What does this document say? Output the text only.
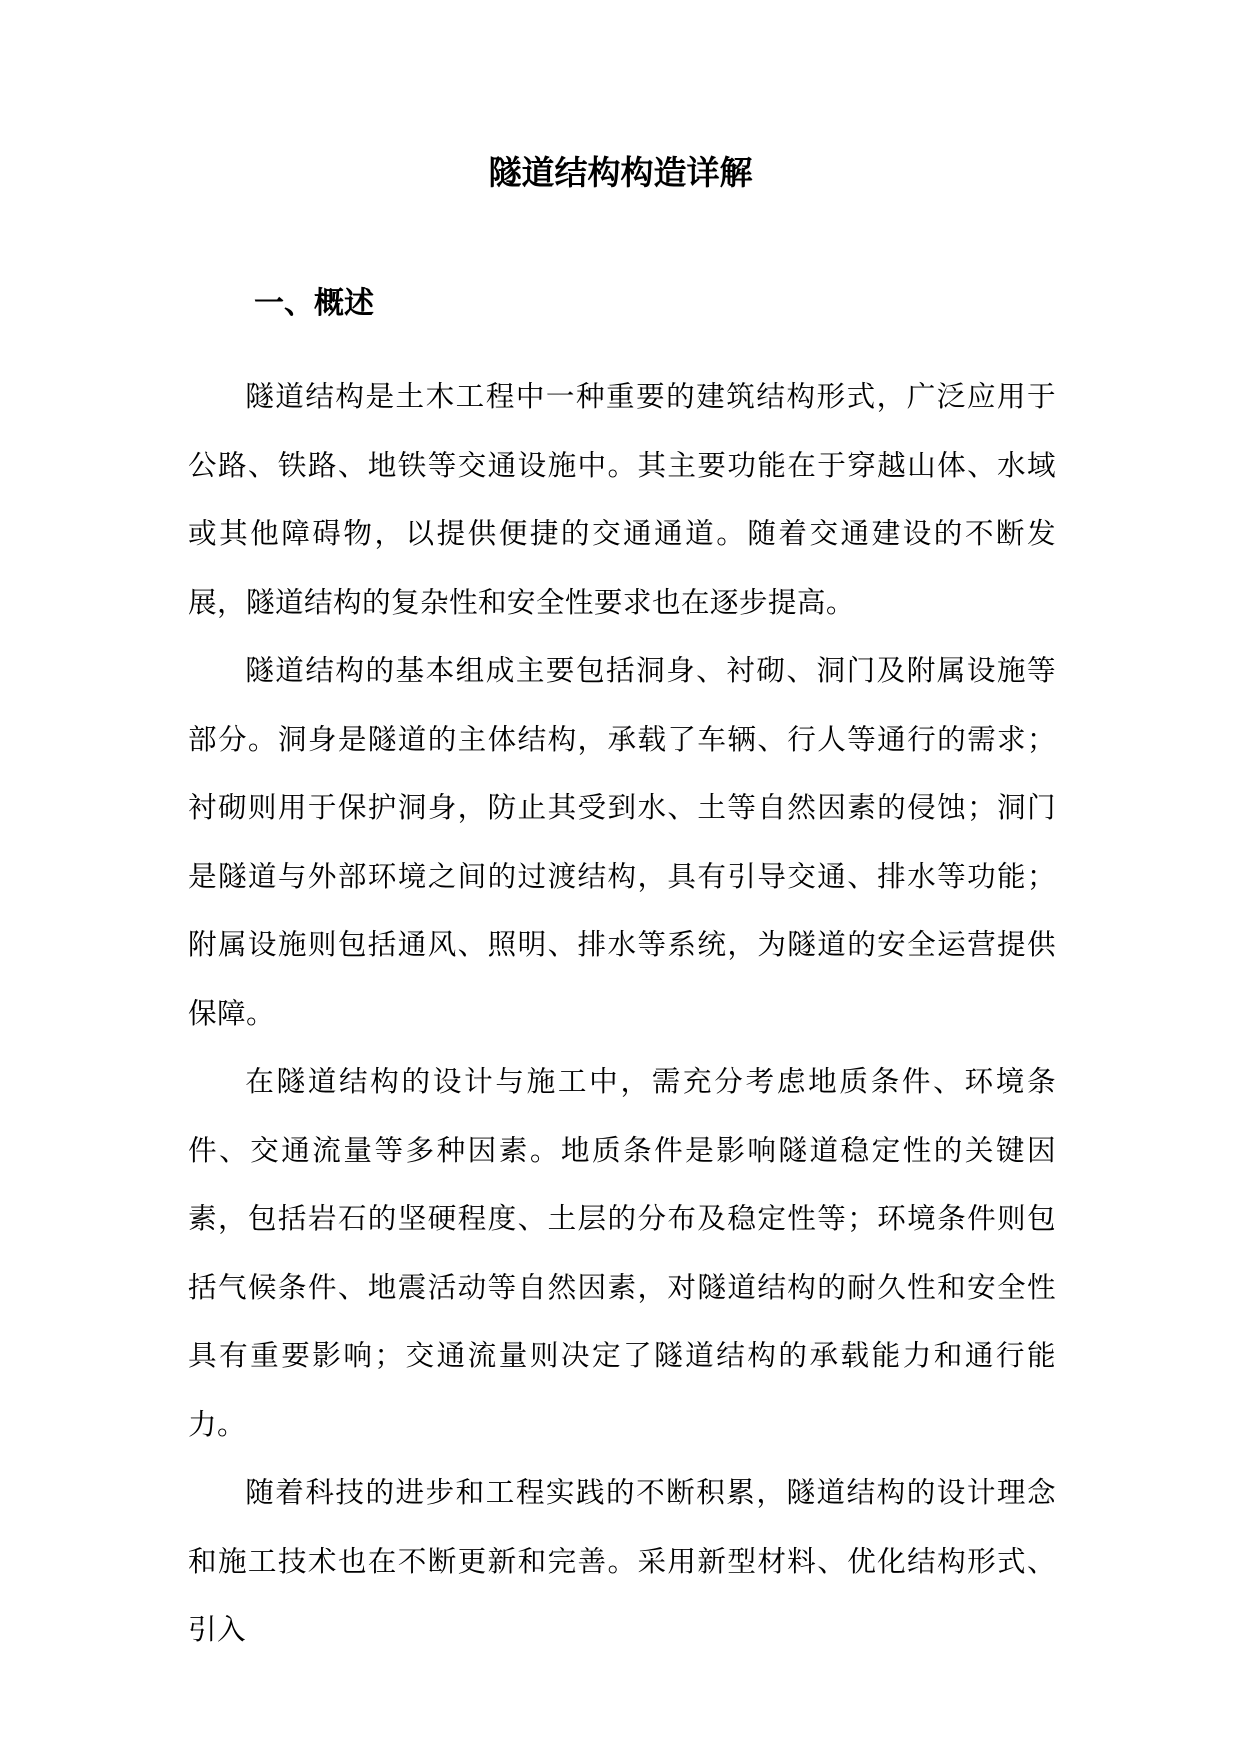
隧道结构构造详解
一、概述

隧道结构是土木工程中一种重要的建筑结构形式，广泛应用于公路、铁路、地铁等交通设施中。其主要功能在于穿越山体、水域或其他障碍物，以提供便捷的交通通道。随着交通建设的不断发展，隧道结构的复杂性和安全性要求也在逐步提高。

隧道结构的基本组成主要包括洞身、衬砌、洞门及附属设施等部分。洞身是隧道的主体结构，承载了车辆、行人等通行的需求；衬砌则用于保护洞身，防止其受到水、土等自然因素的侵蚀；洞门是隧道与外部环境之间的过渡结构，具有引导交通、排水等功能；附属设施则包括通风、照明、排水等系统，为隧道的安全运营提供保障。

在隧道结构的设计与施工中，需充分考虑地质条件、环境条件、交通流量等多种因素。地质条件是影响隧道稳定性的关键因素，包括岩石的坚硬程度、土层的分布及稳定性等；环境条件则包括气候条件、地震活动等自然因素，对隧道结构的耐久性和安全性具有重要影响；交通流量则决定了隧道结构的承载能力和通行能力。

随着科技的进步和工程实践的不断积累，隧道结构的设计理念和施工技术也在不断更新和完善。采用新型材料、优化结构形式、引入
